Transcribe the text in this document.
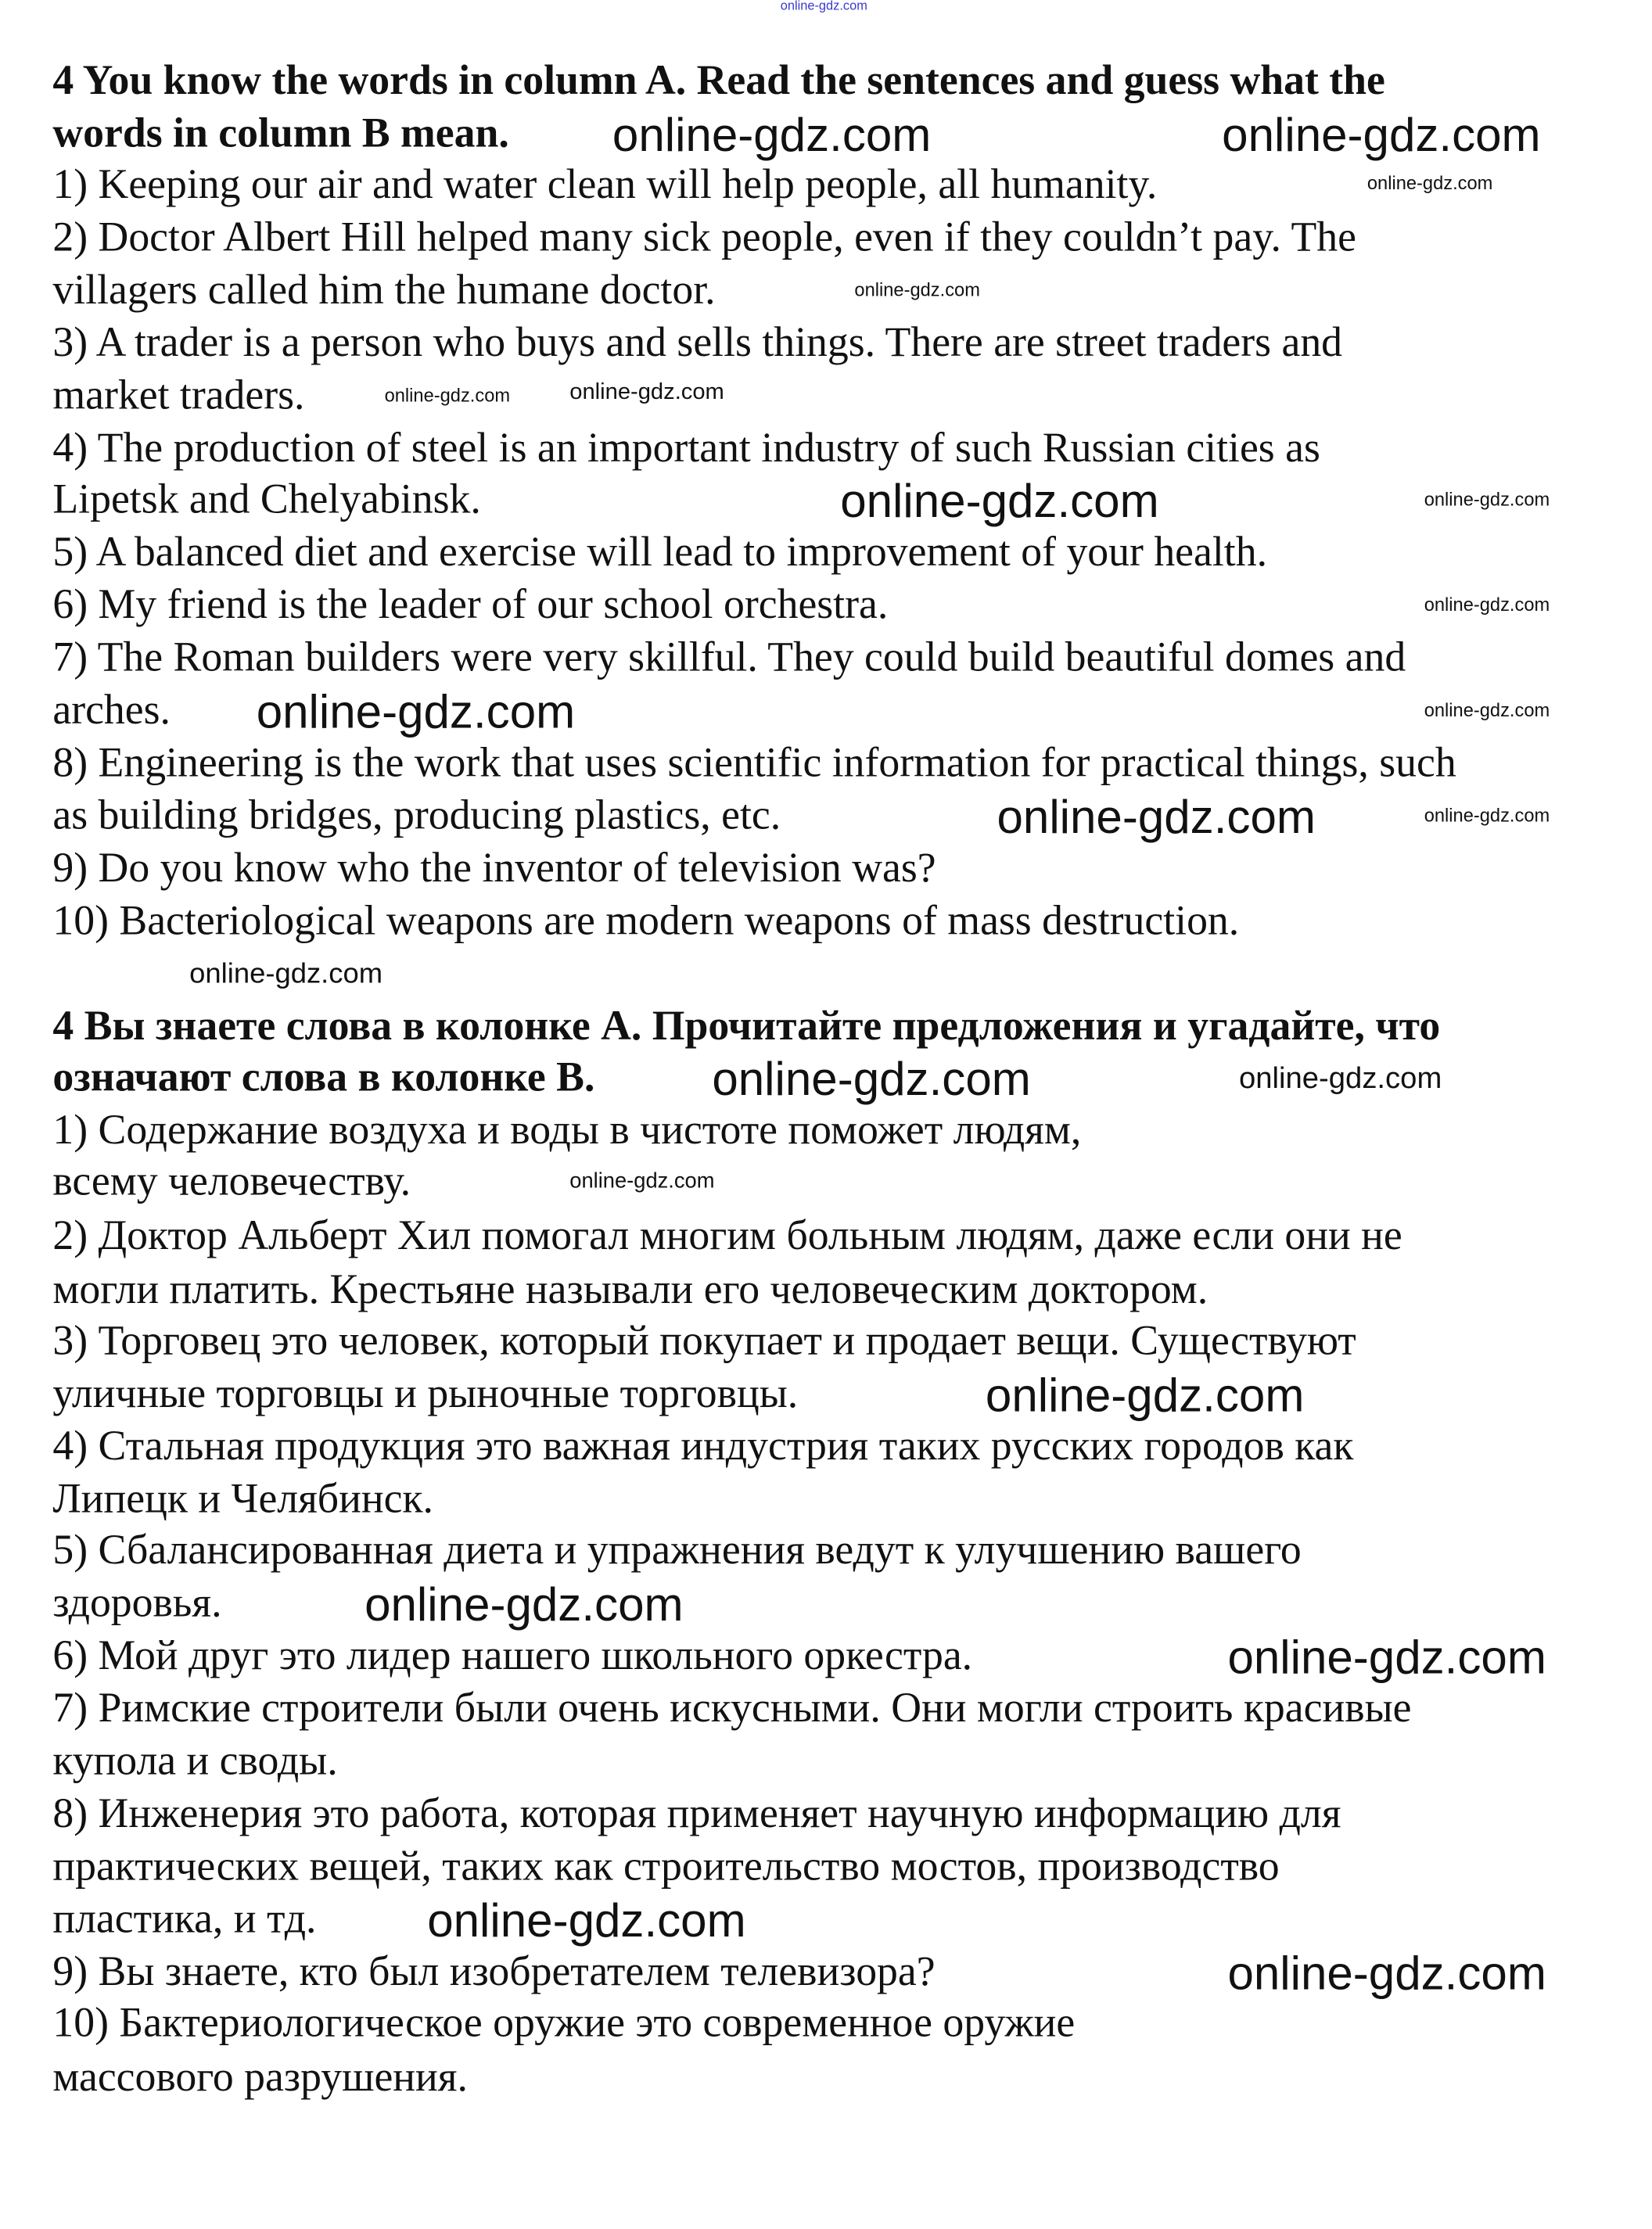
4 You know the words in column A. Read the sentences and guess what the
words in column B mean.
1) Keeping our air and water clean will help people, all humanity.
2) Doctor Albert Hill helped many sick people, even if they couldn’t pay. The
villagers called him the humane doctor.
3) A trader is a person who buys and sells things. There are street traders and
market traders.
4) The production of steel is an important industry of such Russian cities as
Lipetsk and Chelyabinsk.
5) A balanced diet and exercise will lead to improvement of your health.
6) My friend is the leader of our school orchestra.
7) The Roman builders were very skillful. They could build beautiful domes and
arches.
8) Engineering is the work that uses scientific information for practical things, such
as building bridges, producing plastics, etc.
9) Do you know who the inventor of television was?
10) Bacteriological weapons are modern weapons of mass destruction.
4 Вы знаете слова в колонке А. Прочитайте предложения и угадайте, что
означают слова в колонке В.
1) Содержание воздуха и воды в чистоте поможет людям,
всему человечеству.
2) Доктор Альберт Хил помогал многим больным людям, даже если они не
могли платить. Крестьяне называли его человеческим доктором.
3) Торговец это человек, который покупает и продает вещи. Существуют
уличные торговцы и рыночные торговцы.
4) Стальная продукция это важная индустрия таких русских городов как
Липецк и Челябинск.
5) Сбалансированная диета и упражнения ведут к улучшению вашего
здоровья.
6) Мой друг это лидер нашего школьного оркестра.
7) Римские строители были очень искусными. Они могли строить красивые
купола и своды.
8) Инженерия это работа, которая применяет научную информацию для
практических вещей, таких как строительство мостов, производство
пластика, и тд.
9) Вы знаете, кто был изобретателем телевизора?
10) Бактериологическое оружие это современное оружие
массового разрушения.
online-gdz.com
online-gdz.com	online-gdz.com
online-gdz.com
online-gdz.com
online-gdz.com	online-gdz.com
online-gdz.com	online-gdz.com
online-gdz.com
online-gdz.com	online-gdz.com
online-gdz.com	online-gdz.com
online-gdz.com
online-gdz.com	online-gdz.com
online-gdz.com
online-gdz.com
online-gdz.com
online-gdz.com
online-gdz.com
online-gdz.com
